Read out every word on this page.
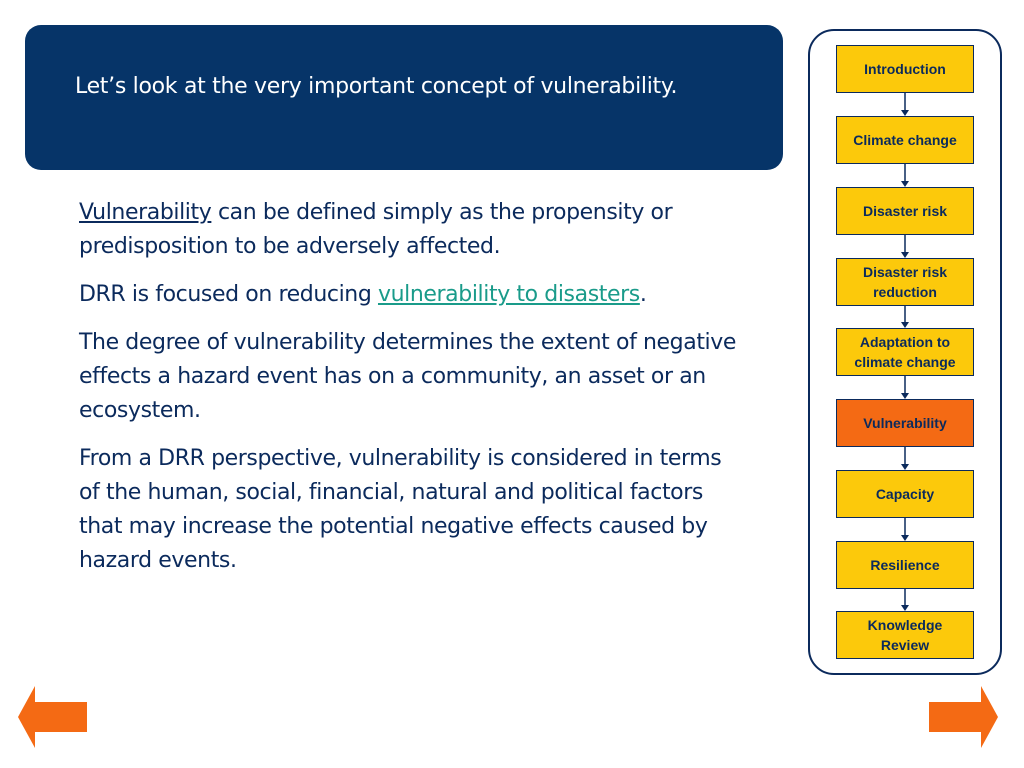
Let’s look at the very important concept of vulnerability.

Vulnerability can be defined simply as the propensity or predisposition to be adversely affected.

DRR is focused on reducing vulnerability to disasters.

The degree of vulnerability determines the extent of negative effects a hazard event has on a community, an asset or an ecosystem.

From a DRR perspective, vulnerability is considered in terms of the human, social, financial, natural and political factors that may increase the potential negative effects caused by hazard events.

Introduction
Climate change
Disaster risk
Disaster risk reduction
Adaptation to climate change
Vulnerability
Capacity
Resilience
Knowledge Review
